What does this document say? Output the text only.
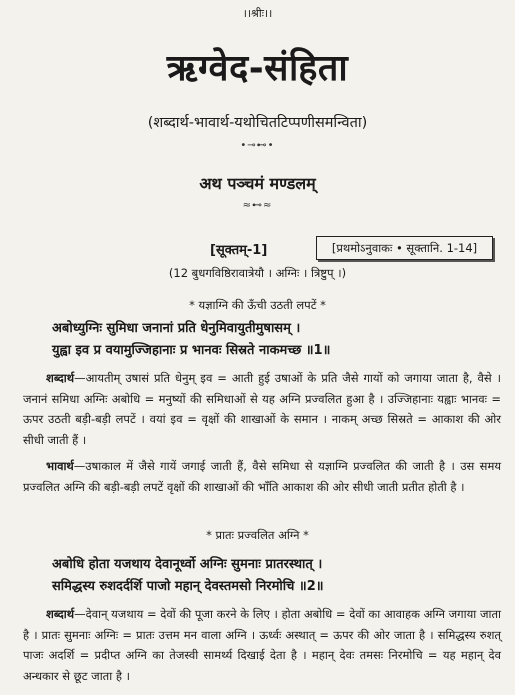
।।श्रीः।।
ऋग्वेद-संहिता
(शब्दार्थ-भावार्थ-यथोचितटिप्पणीसमन्विता)
•⊸⊷•
अथ पञ्चमं मण्डलम्
≈⊷≈
[सूक्तम्-1]	[प्रथमोऽनुवाकः • सूक्तानि. 1-14]
(12 बुधगविष्ठिरावात्रेयौ । अग्निः । त्रिष्टुप् ।)
* यज्ञाग्नि की ऊँची उठती लपटें *
अबोध्युग्निः सुमिधा जनानां प्रति धेनुमिवायुतीमुषासम् ।
युह्वा इव प्र वयामुज्जिहानाः प्र भानवः सिस्रते नाकमच्छ ॥1॥
शब्दार्थ—आयतीम् उषासं प्रति धेनुम् इव = आती हुई उषाओं के प्रति जैसे गायों को जगाया जाता है, वैसे । जनानं समिधा अग्निः अबोधि = मनुष्यों की समिधाओं से यह अग्नि प्रज्वलित हुआ है । उज्जिहानाः यह्वाः भानवः = ऊपर उठती बड़ी-बड़ी लपटें । वयां इव = वृक्षों की शाखाओं के समान । नाकम् अच्छ सिस्रते = आकाश की ओर सीधी जाती हैं ।
भावार्थ—उषाकाल में जैसे गायें जगाई जाती हैं, वैसे समिधा से यज्ञाग्नि प्रज्वलित की जाती है । उस समय प्रज्वलित अग्नि की बड़ी-बड़ी लपटें वृक्षों की शाखाओं की भाँति आकाश की ओर सीधी जाती प्रतीत होती है ।
* प्रातः प्रज्वलित अग्नि *
अबोधि होता यजथाय देवानूर्ध्वो अग्निः सुमनाः प्रातरस्थात् ।
समिद्धस्य रुशदर्दर्शि पाजो महान् देवस्तमसो निरमोचि ॥2॥
शब्दार्थ—देवान् यजथाय = देवों की पूजा करने के लिए । होता अबोधि = देवों का आवाहक अग्नि जगाया जाता है । प्रातः सुमनाः अग्निः = प्रातः उत्तम मन वाला अग्नि । ऊर्ध्वः अस्थात् = ऊपर की ओर जाता है । समिद्धस्य रुशत् पाजः अदर्शि = प्रदीप्त अग्नि का तेजस्वी सामर्थ्य दिखाई देता है । महान् देवः तमसः निरमोचि = यह महान् देव अन्धकार से छूट जाता है ।
